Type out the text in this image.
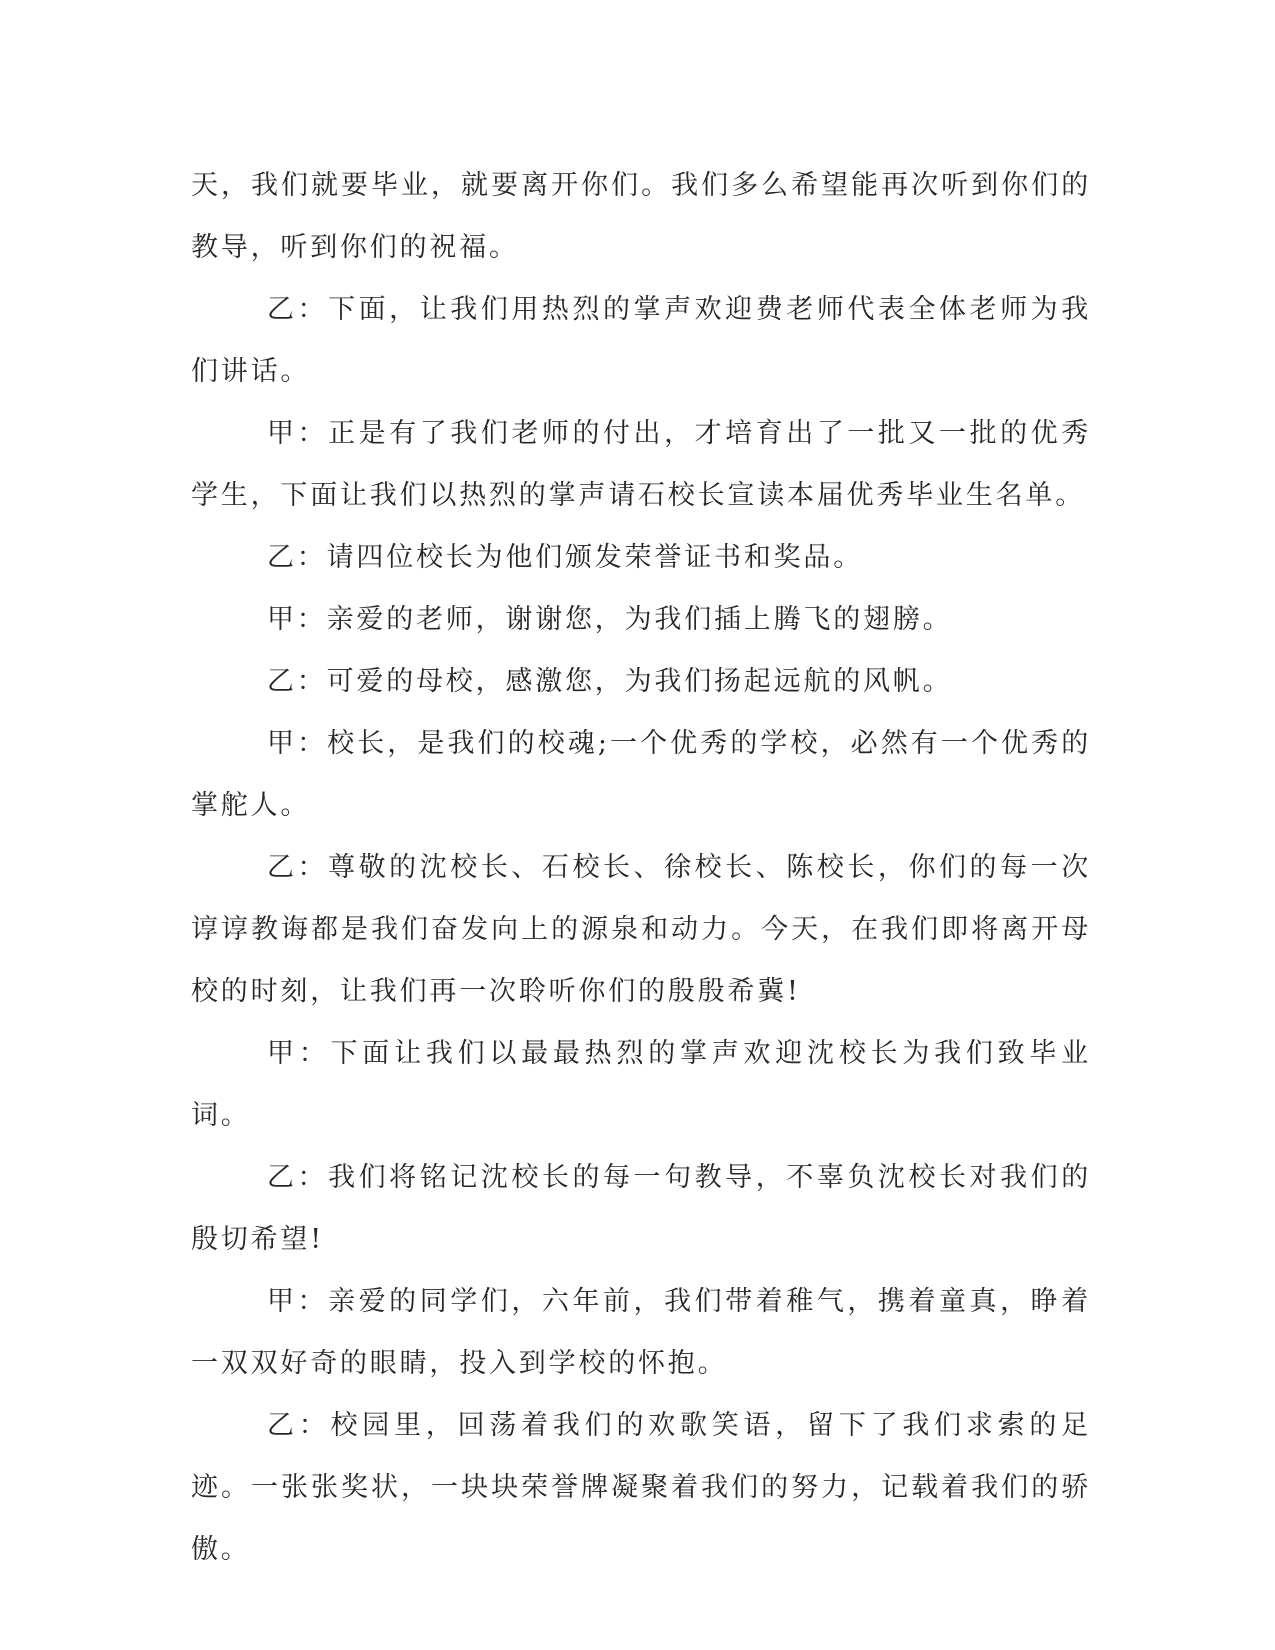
天，我们就要毕业，就要离开你们。我们多么希望能再次听到你们的教导，听到你们的祝福。

乙：下面，让我们用热烈的掌声欢迎费老师代表全体老师为我们讲话。

甲：正是有了我们老师的付出，才培育出了一批又一批的优秀学生，下面让我们以热烈的掌声请石校长宣读本届优秀毕业生名单。

乙：请四位校长为他们颁发荣誉证书和奖品。

甲：亲爱的老师，谢谢您，为我们插上腾飞的翅膀。

乙：可爱的母校，感激您，为我们扬起远航的风帆。

甲：校长，是我们的校魂;一个优秀的学校，必然有一个优秀的掌舵人。

乙：尊敬的沈校长、石校长、徐校长、陈校长，你们的每一次谆谆教诲都是我们奋发向上的源泉和动力。今天，在我们即将离开母校的时刻，让我们再一次聆听你们的殷殷希冀!

甲：下面让我们以最最热烈的掌声欢迎沈校长为我们致毕业词。

乙：我们将铭记沈校长的每一句教导，不辜负沈校长对我们的殷切希望!

甲：亲爱的同学们，六年前，我们带着稚气，携着童真，睁着一双双好奇的眼睛，投入到学校的怀抱。

乙：校园里，回荡着我们的欢歌笑语，留下了我们求索的足迹。一张张奖状，一块块荣誉牌凝聚着我们的努力，记载着我们的骄傲。
